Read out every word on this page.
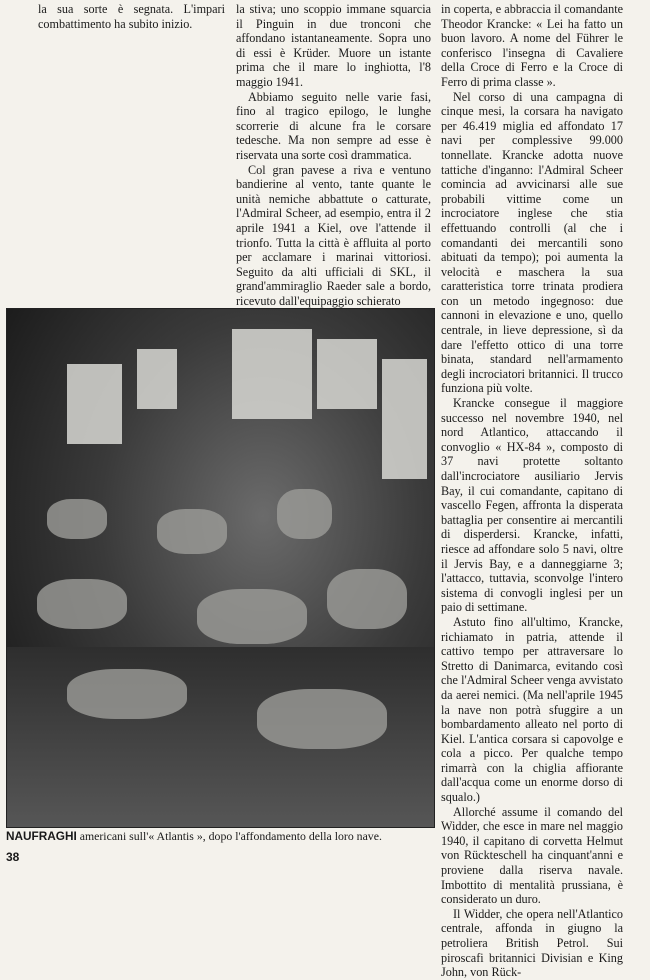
la sua sorte è segnata. L'impari combattimento ha subito inizio.

la stiva; uno scoppio immane squarcia il Pinguin in due tronconi che affondano istantaneamente. Sopra uno di essi è Krüder. Muore un istante prima che il mare lo inghiotta, l'8 maggio 1941.

Abbiamo seguito nelle varie fasi, fino al tragico epilogo, le lunghe scorrerie di alcune fra le corsare tedesche. Ma non sempre ad esse è riservata una sorte così drammatica.

Col gran pavese a riva e ventuno bandierine al vento, tante quante le unità nemiche abbattute o catturate, l'Admiral Scheer, ad esempio, entra il 2 aprile 1941 a Kiel, ove l'attende il trionfo. Tutta la città è affluita al porto per acclamare i marinai vittoriosi. Seguito da alti ufficiali di SKL, il grand'ammiraglio Raeder sale a bordo, ricevuto dall'equipaggio schierato

in coperta, e abbraccia il comandante Theodor Krancke: « Lei ha fatto un buon lavoro. A nome del Führer le conferisco l'insegna di Cavaliere della Croce di Ferro e la Croce di Ferro di prima classe ».

Nel corso di una campagna di cinque mesi, la corsara ha navigato per 46.419 miglia ed affondato 17 navi per complessive 99.000 tonnellate. Krancke adotta nuove tattiche d'inganno: l'Admiral Scheer comincia ad avvicinarsi alle sue probabili vittime come un incrociatore inglese che stia effettuando controlli (al che i comandanti dei mercantili sono abituati da tempo); poi aumenta la velocità e maschera la sua caratteristica torre trinata prodiera con un metodo ingegnoso: due cannoni in elevazione e uno, quello centrale, in lieve depressione, sì da dare l'effetto ottico di una torre binata, standard nell'armamento degli incrociatori britannici. Il trucco funziona più volte.

Krancke consegue il maggiore successo nel novembre 1940, nel nord Atlantico, attaccando il convoglio « HX-84 », composto di 37 navi protette soltanto dall'incrociatore ausiliario Jervis Bay, il cui comandante, capitano di vascello Fegen, affronta la disperata battaglia per consentire ai mercantili di disperdersi. Krancke, infatti, riesce ad affondare solo 5 navi, oltre il Jervis Bay, e a danneggiarne 3; l'attacco, tuttavia, sconvolge l'intero sistema di convogli inglesi per un paio di settimane.

Astuto fino all'ultimo, Krancke, richiamato in patria, attende il cattivo tempo per attraversare lo Stretto di Danimarca, evitando così che l'Admiral Scheer venga avvistato da aerei nemici. (Ma nell'aprile 1945 la nave non potrà sfuggire a un bombardamento alleato nel porto di Kiel. L'antica corsara si capovolge e cola a picco. Per qualche tempo rimarrà con la chiglia affiorante dall'acqua come un enorme dorso di squalo.)

Allorché assume il comando del Widder, che esce in mare nel maggio 1940, il capitano di corvetta Helmut von Rückteschell ha cinquant'anni e proviene dalla riserva navale. Imbottito di mentalità prussiana, è considerato un duro.

Il Widder, che opera nell'Atlantico centrale, affonda in giugno la petroliera British Petrol. Sui piroscafi britannici Divisian e King John, von Rück-

NAUFRAGHI americani sull'« Atlantis », dopo l'affondamento della loro nave.
38
